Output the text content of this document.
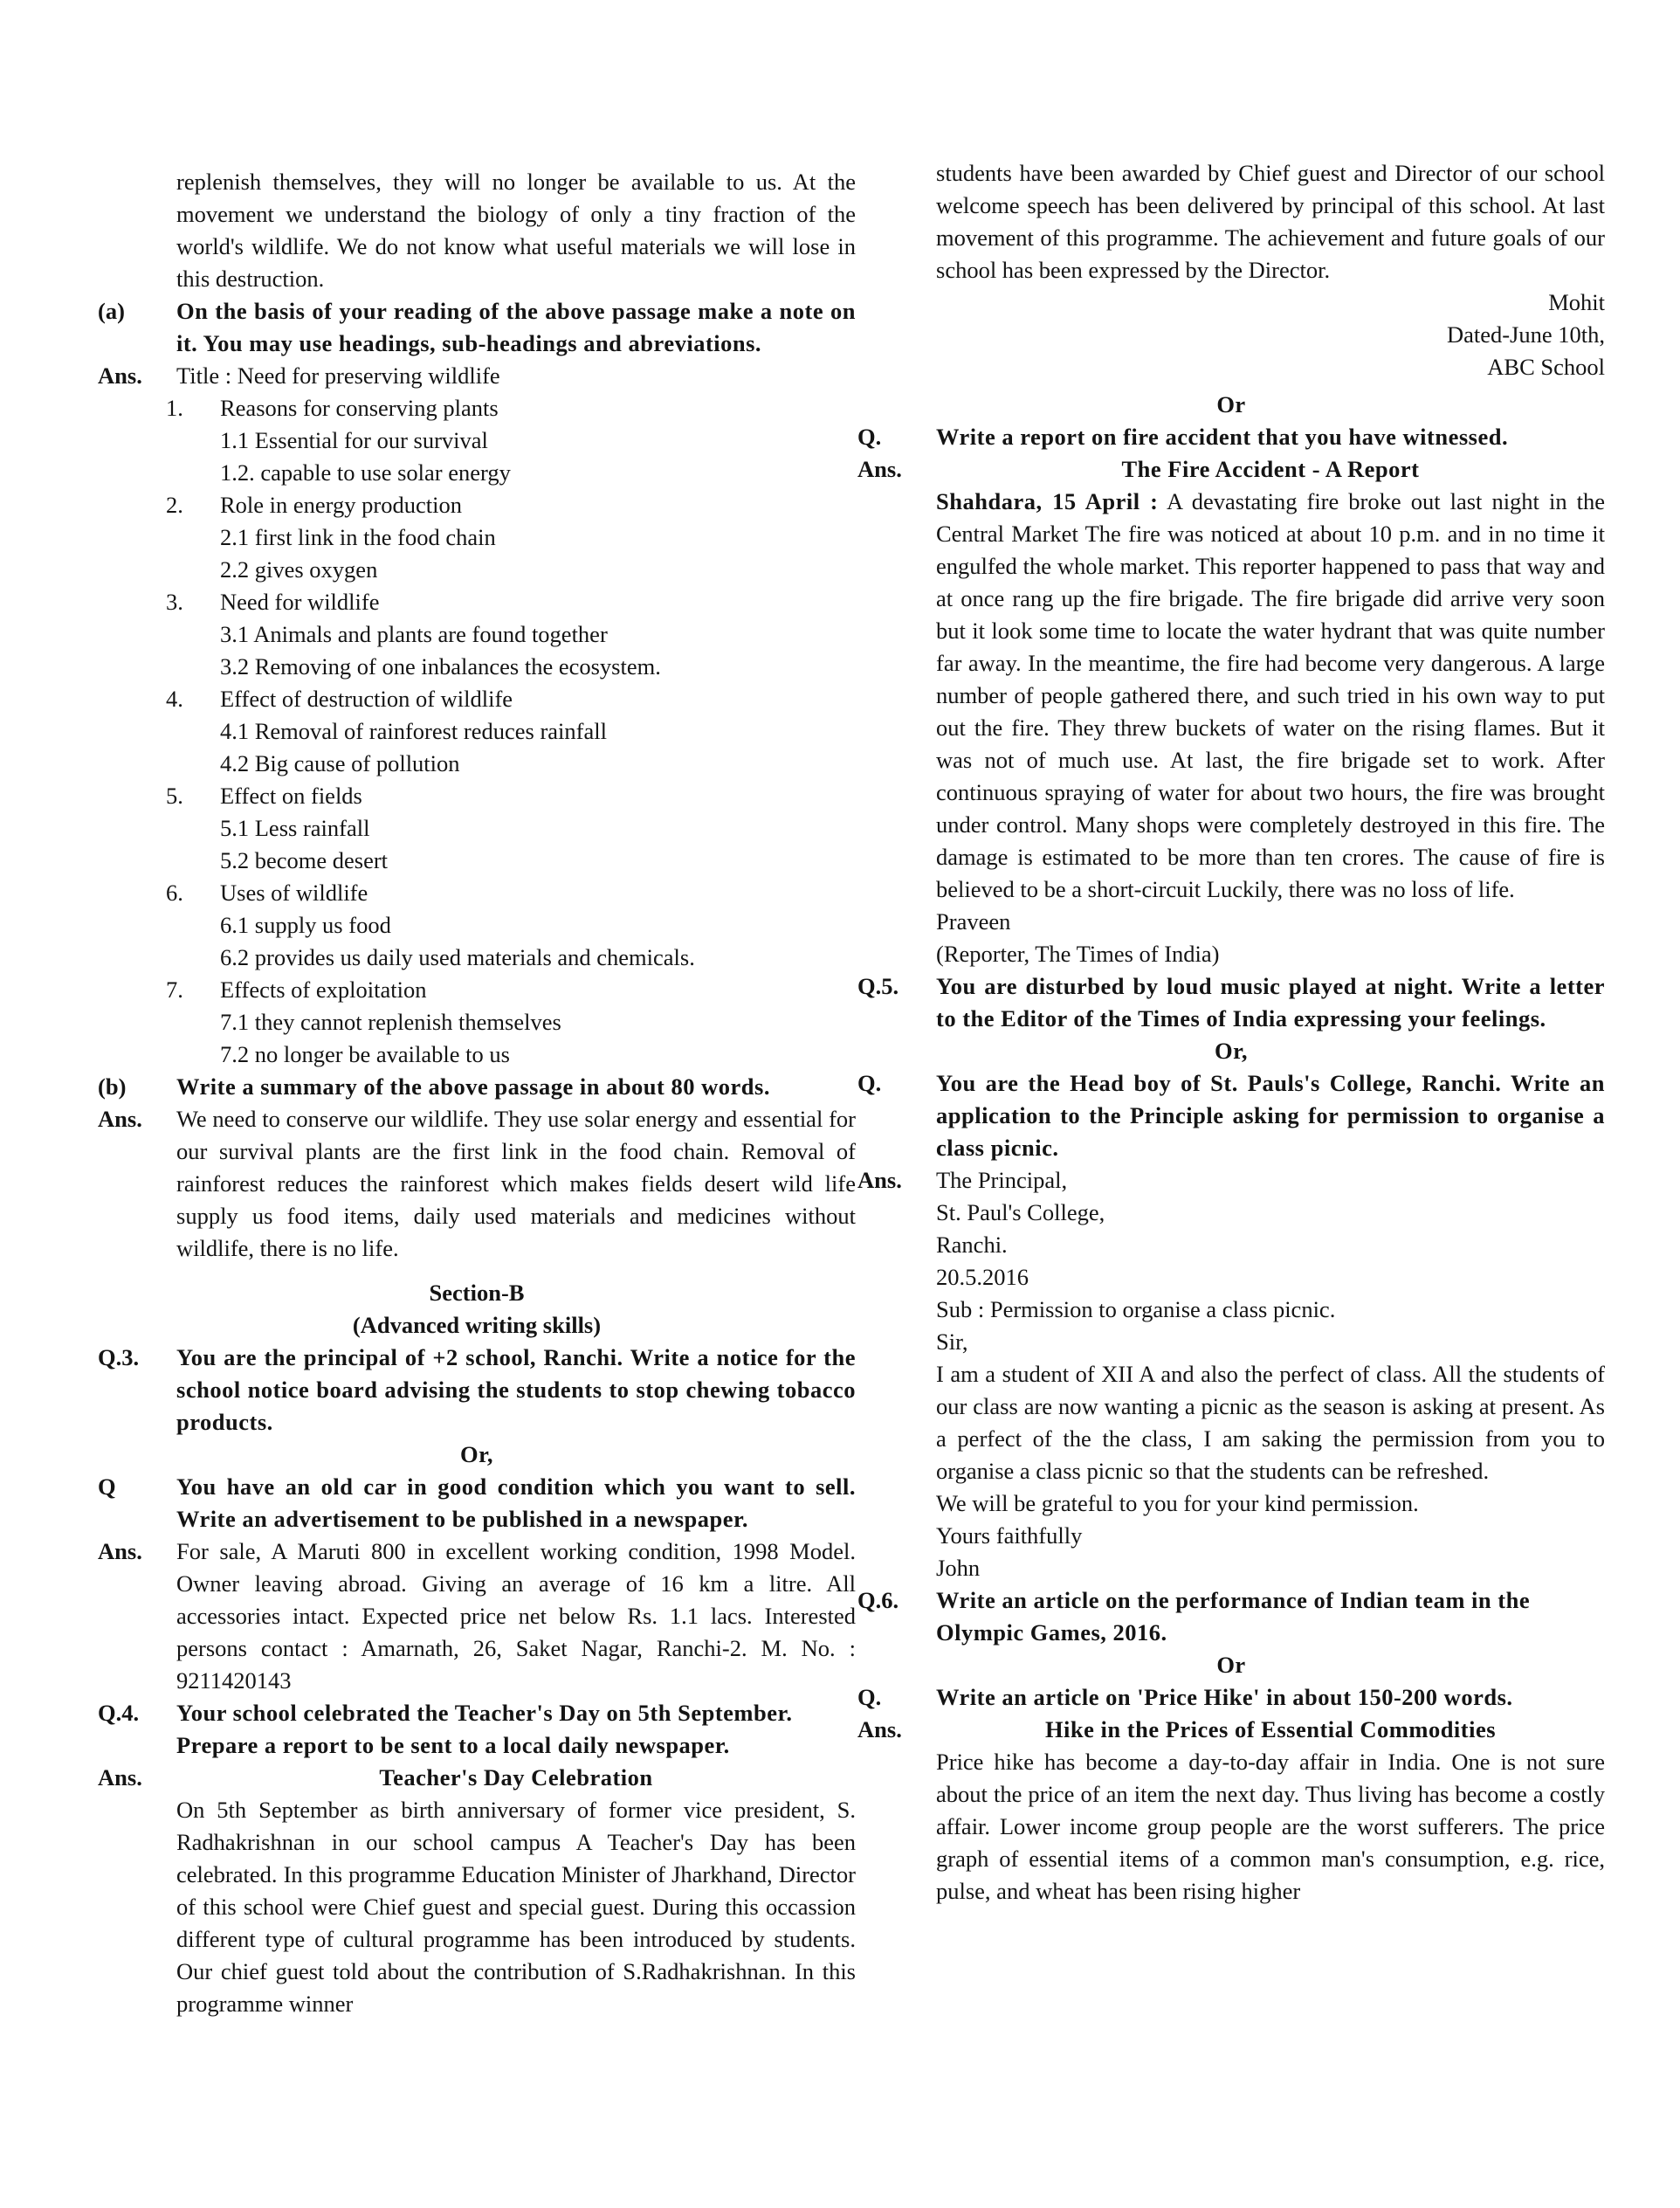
replenish themselves, they will no longer be available to us. At the movement we understand the biology of only a tiny fraction of the world's wildlife. We do not know what useful materials we will lose in this destruction.

(a)	On the basis of your reading of the above passage make a note on it. You may use headings, sub-headings and abreviations.
Ans.	Title : Need for preserving wildlife
1.	Reasons for conserving plants
1.1 Essential for our survival
1.2. capable to use solar energy
2.	Role in energy production
2.1 first link in the food chain
2.2 gives oxygen
3.	Need for wildlife
3.1 Animals and plants are found together
3.2 Removing of one inbalances the ecosystem.
4.	Effect of destruction of wildlife
4.1 Removal of rainforest reduces rainfall
4.2 Big cause of pollution
5.	Effect on fields
5.1 Less rainfall
5.2 become desert
6.	Uses of wildlife
6.1 supply us food
6.2 provides us daily used materials and chemicals.
7.	Effects of exploitation
7.1 they cannot replenish themselves
7.2 no longer be available to us
(b)	Write a summary of the above passage in about 80 words.
Ans.	We need to conserve our wildlife. They use solar energy and essential for our survival plants are the first link in the food chain. Removal of rainforest reduces the rainforest which makes fields desert wild life supply us food items, daily used materials and medicines without wildlife, there is no life.
Section-B
(Advanced writing skills)
Q.3.	You are the principal of +2 school, Ranchi. Write a notice for the school notice board advising the students to stop chewing tobacco products.
Or,
Q	You have an old car in good condition which you want to sell. Write an advertisement to be published in a newspaper.
Ans.	For sale, A Maruti 800 in excellent working condition, 1998 Model. Owner leaving abroad. Giving an average of 16 km a litre. All accessories intact. Expected price net below Rs. 1.1 lacs. Interested persons contact : Amarnath, 26, Saket Nagar, Ranchi-2. M. No. : 9211420143
Q.4.	Your school celebrated the Teacher's Day on 5th September. Prepare a report to be sent to a local daily newspaper.
Ans.	Teacher's Day Celebration

On 5th September as birth anniversary of former vice president, S. Radhakrishnan in our school campus A Teacher's Day has been celebrated. In this programme Education Minister of Jharkhand, Director of this school were Chief guest and special guest. During this occassion different type of cultural programme has been introduced by students. Our chief guest told about the contribution of S.Radhakrishnan. In this programme winner

students have been awarded by Chief guest and Director of our school welcome speech has been delivered by principal of this school. At last movement of this programme. The achievement and future goals of our school has been expressed by the Director.

Mohit
Dated-June 10th,
ABC School
Or
Q.	Write a report on fire accident that you have witnessed.
Ans.	The Fire Accident - A Report

Shahdara, 15 April : A devastating fire broke out last night in the Central Market The fire was noticed at about 10 p.m. and in no time it engulfed the whole market. This reporter happened to pass that way and at once rang up the fire brigade. The fire brigade did arrive very soon but it look some time to locate the water hydrant that was quite number far away. In the meantime, the fire had become very dangerous. A large number of people gathered there, and such tried in his own way to put out the fire. They threw buckets of water on the rising flames. But it was not of much use. At last, the fire brigade set to work. After continuous spraying of water for about two hours, the fire was brought under control. Many shops were completely destroyed in this fire. The damage is estimated to be more than ten crores. The cause of fire is believed to be a short-circuit Luckily, there was no loss of life.

Praveen
(Reporter, The Times of India)
Q.5.	You are disturbed by loud music played at night. Write a letter to the Editor of the Times of India expressing your feelings.
Or,
Q.	You are the Head boy of St. Pauls's College, Ranchi. Write an application to the Principle asking for permission to organise a class picnic.
Ans.	The Principal,
St. Paul's College,
Ranchi.
20.5.2016
Sub : Permission to organise a class picnic.
Sir,

I am a student of XII A and also the perfect of class. All the students of our class are now wanting a picnic as the season is asking at present. As a perfect of the the class, I am saking the permission from you to organise a class picnic so that the students can be refreshed.

We will be grateful to you for your kind permission.
Yours faithfully
John
Q.6.	Write an article on the performance of Indian team in the Olympic Games, 2016.
Or
Q.	Write an article on 'Price Hike' in about 150-200 words.
Ans.	Hike in the Prices of Essential Commodities

Price hike has become a day-to-day affair in India. One is not sure about the price of an item the next day. Thus living has become a costly affair. Lower income group people are the worst sufferers. The price graph of essential items of a common man's consumption, e.g. rice, pulse, and wheat has been rising higher
